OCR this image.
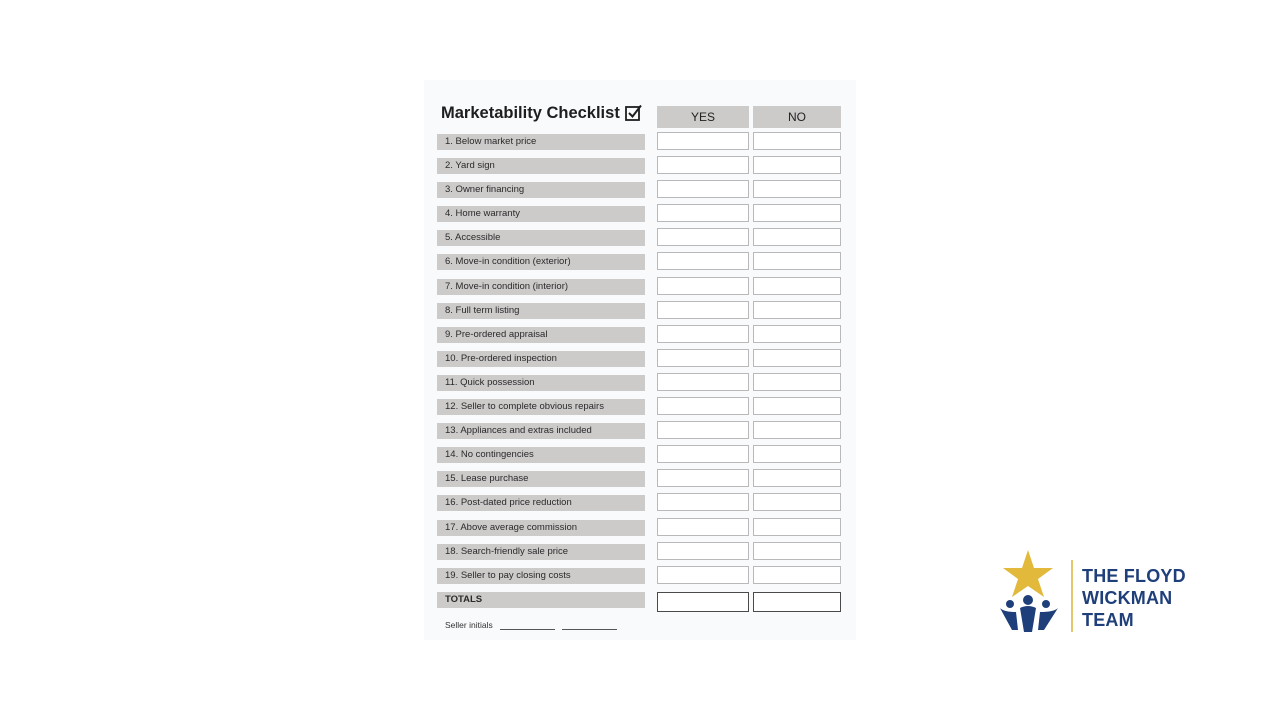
Marketability Checklist	YES	NO
1. Below market price
2. Yard sign
3. Owner financing
4. Home warranty
5. Accessible
6. Move-in condition (exterior)
7. Move-in condition (interior)
8. Full term listing
9. Pre-ordered appraisal
10. Pre-ordered inspection
11. Quick possession
12. Seller to complete obvious repairs
13. Appliances and extras included
14. No contingencies
15. Lease purchase
16. Post-dated price reduction
17. Above average commission
18. Search-friendly sale price
19. Seller to pay closing costs
TOTALS
Seller initials
THE FLOYD
WICKMAN
TEAM
